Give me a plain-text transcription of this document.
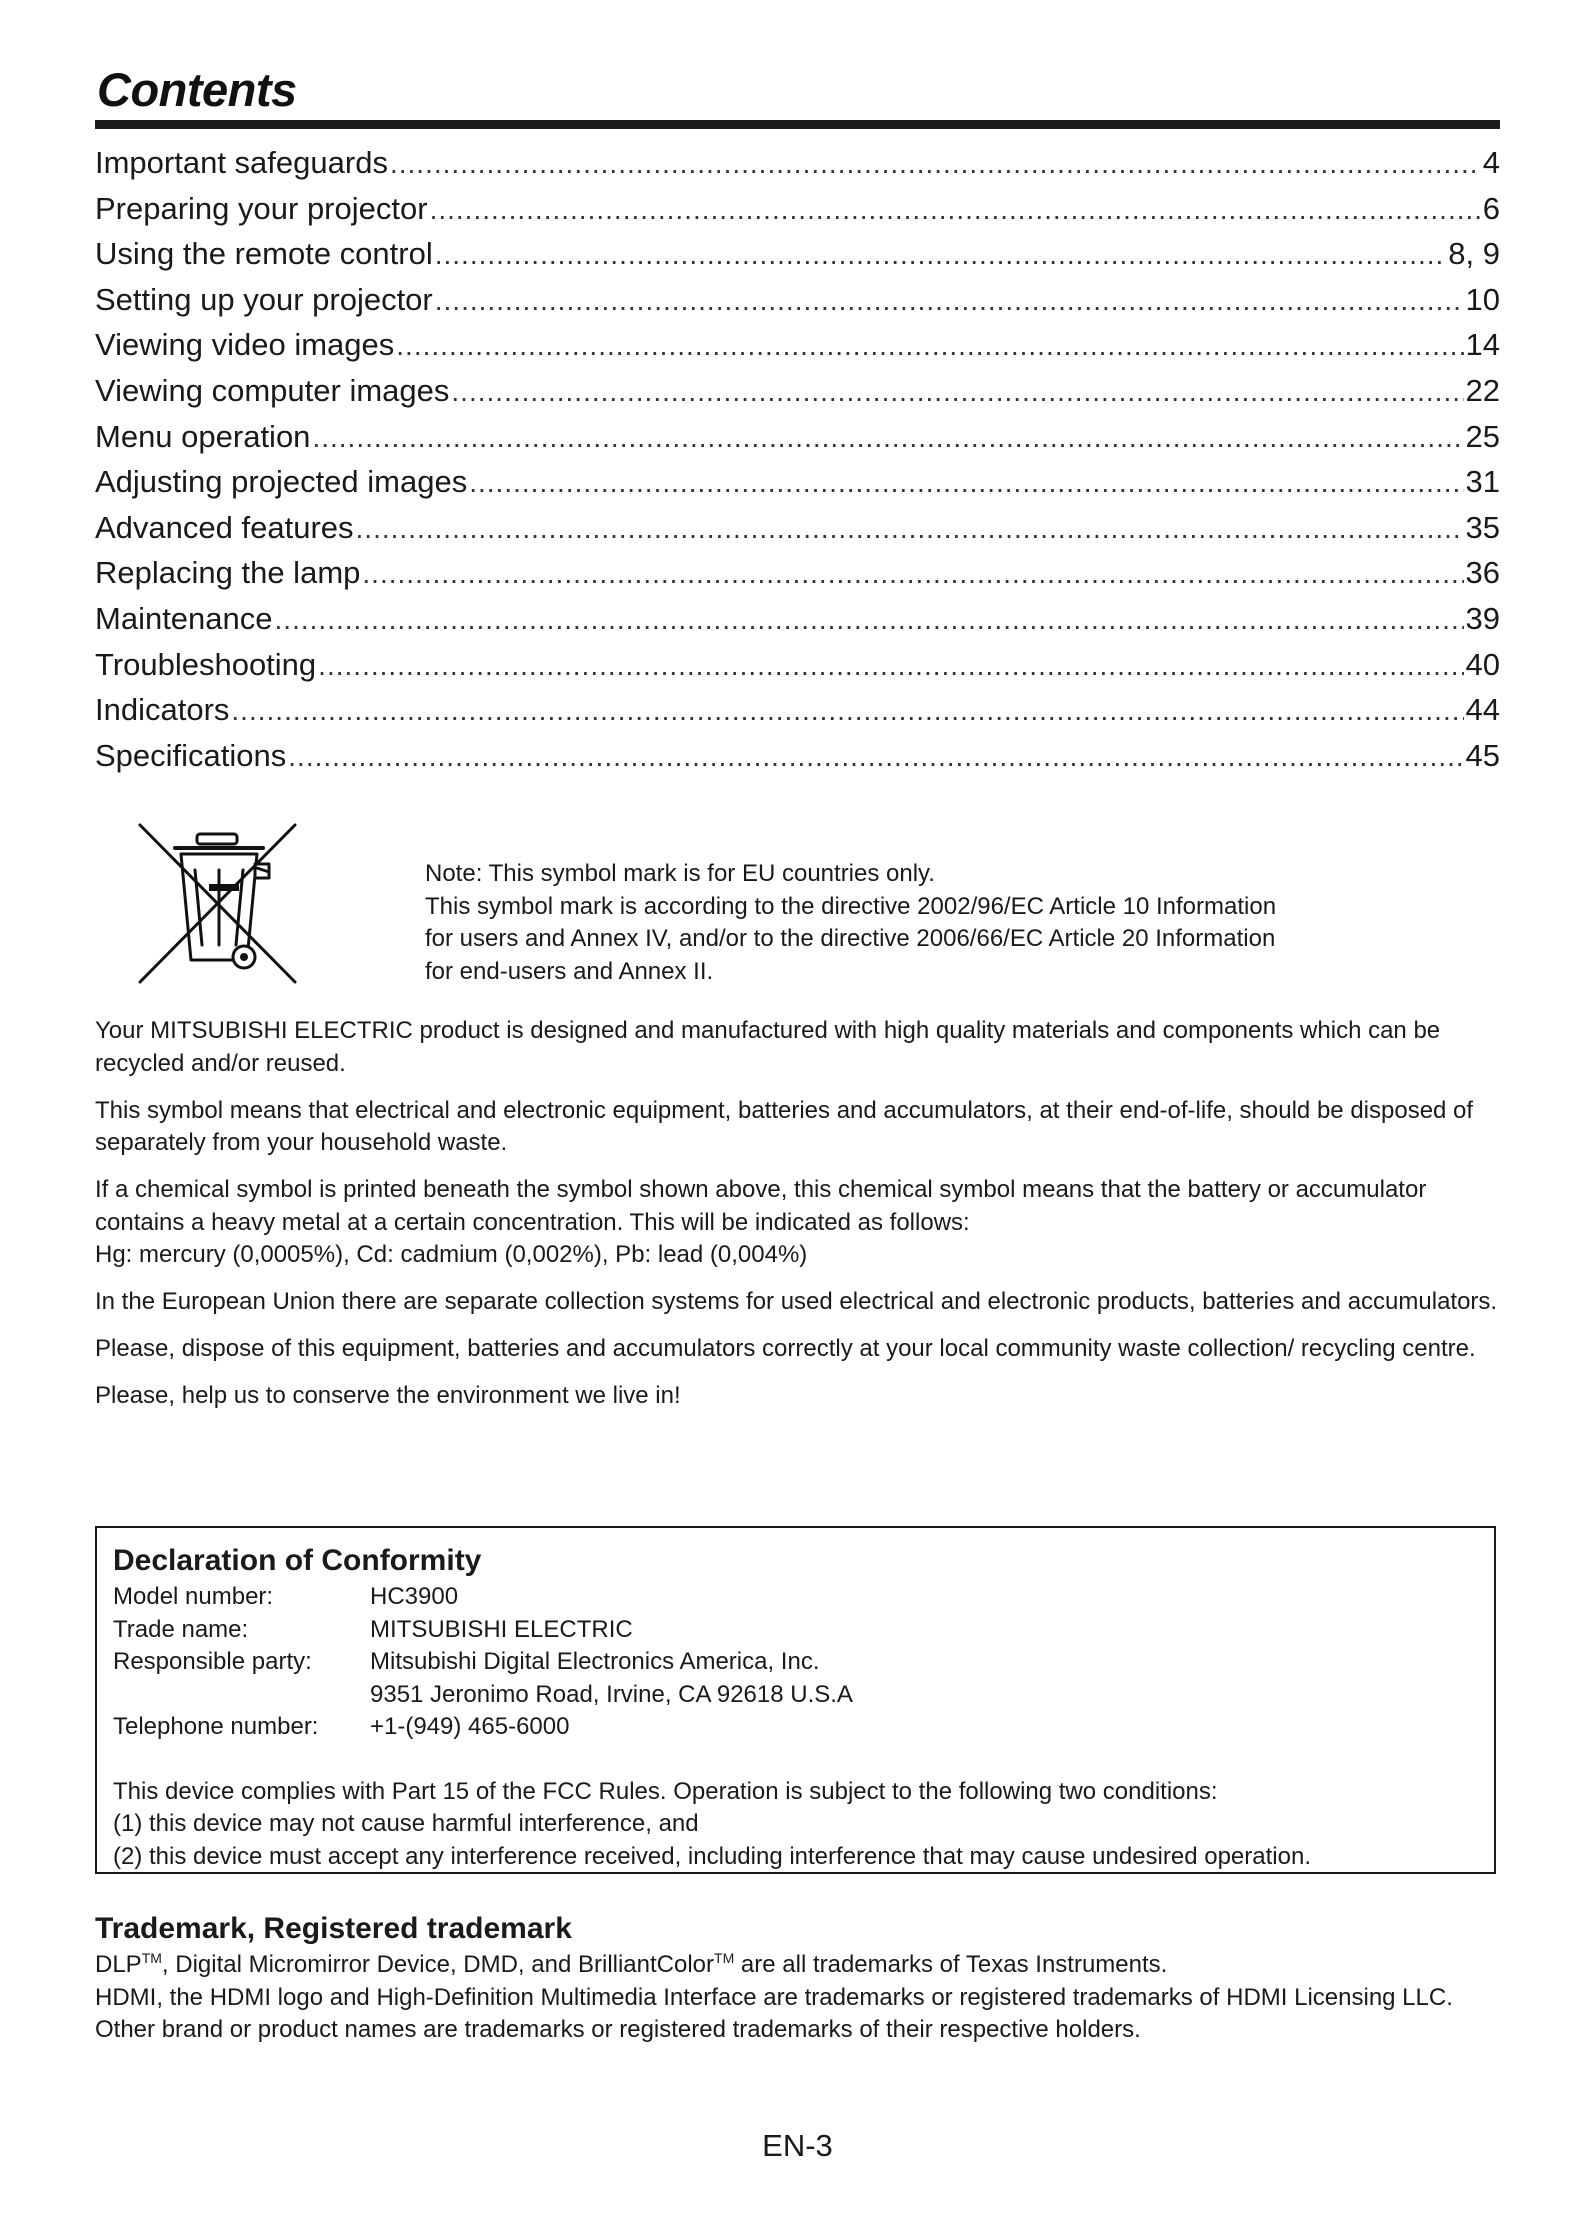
Contents
Important safeguards .....	4
Preparing your projector .....	6
Using the remote control .....	8, 9
Setting up your projector .....	10
Viewing video images .....	14
Viewing computer images .....	22
Menu operation .....	25
Adjusting projected images .....	31
Advanced features .....	35
Replacing the lamp .....	36
Maintenance .....	39
Troubleshooting .....	40
Indicators .....	44
Specifications .....	45

Note: This symbol mark is for EU countries only.

This symbol mark is according to the directive 2002/96/EC Article 10 Information

for users and Annex IV, and/or to the directive 2006/66/EC Article 20 Information

for end-users and Annex II.

Your MITSUBISHI ELECTRIC product is designed and manufactured with high quality materials and components which can be recycled and/or reused.

This symbol means that electrical and electronic equipment, batteries and accumulators, at their end-of-life, should be disposed of separately from your household waste.

If a chemical symbol is printed beneath the symbol shown above, this chemical symbol means that the battery or accumulator contains a heavy metal at a certain concentration. This will be indicated as follows:
Hg: mercury (0,0005%), Cd: cadmium (0,002%), Pb: lead (0,004%)

In the European Union there are separate collection systems for used electrical and electronic products, batteries and accumulators.

Please, dispose of this equipment, batteries and accumulators correctly at your local community waste collection/ recycling centre.

Please, help us to conserve the environment we live in!

Declaration of Conformity
Model number:	HC3900
Trade name:	MITSUBISHI ELECTRIC
Responsible party:	Mitsubishi Digital Electronics America, Inc.
9351 Jeronimo Road, Irvine, CA 92618 U.S.A
Telephone number:	+1-(949) 465-6000

This device complies with Part 15 of the FCC Rules. Operation is subject to the following two conditions:

(1) this device may not cause harmful interference, and

(2) this device must accept any interference received, including interference that may cause undesired operation.

Trademark, Registered trademark

DLP™, Digital Micromirror Device, DMD, and BrilliantColor™ are all trademarks of Texas Instruments.

HDMI, the HDMI logo and High-Definition Multimedia Interface are trademarks or registered trademarks of HDMI Licensing LLC.

Other brand or product names are trademarks or registered trademarks of their respective holders.

EN-3
